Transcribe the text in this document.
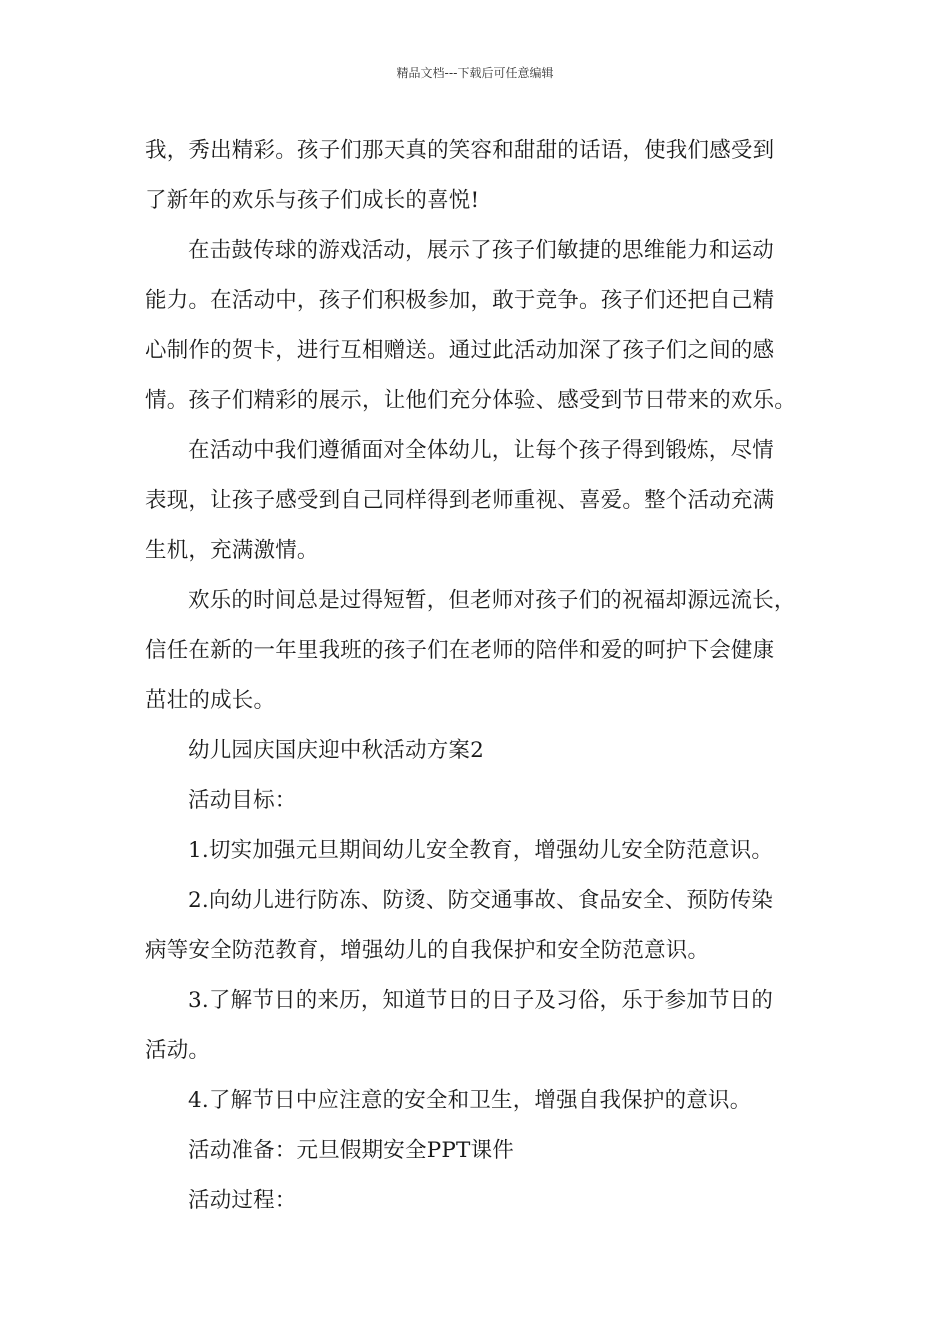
精品文档---下载后可任意编辑
我，秀出精彩。孩子们那天真的笑容和甜甜的话语，使我们感受到
了新年的欢乐与孩子们成长的喜悦!
在击鼓传球的游戏活动，展示了孩子们敏捷的思维能力和运动
能力。在活动中，孩子们积极参加，敢于竞争。孩子们还把自己精
心制作的贺卡，进行互相赠送。通过此活动加深了孩子们之间的感
情。孩子们精彩的展示，让他们充分体验、感受到节日带来的欢乐。
在活动中我们遵循面对全体幼儿，让每个孩子得到锻炼，尽情
表现，让孩子感受到自己同样得到老师重视、喜爱。整个活动充满
生机，充满激情。
欢乐的时间总是过得短暂，但老师对孩子们的祝福却源远流长，
信任在新的一年里我班的孩子们在老师的陪伴和爱的呵护下会健康
茁壮的成长。
幼儿园庆国庆迎中秋活动方案2
活动目标：
1.切实加强元旦期间幼儿安全教育，增强幼儿安全防范意识。
2.向幼儿进行防冻、防烫、防交通事故、食品安全、预防传染
病等安全防范教育，增强幼儿的自我保护和安全防范意识。
3.了解节日的来历，知道节日的日子及习俗，乐于参加节日的
活动。
4.了解节日中应注意的安全和卫生，增强自我保护的意识。
活动准备：元旦假期安全PPT课件
活动过程：
